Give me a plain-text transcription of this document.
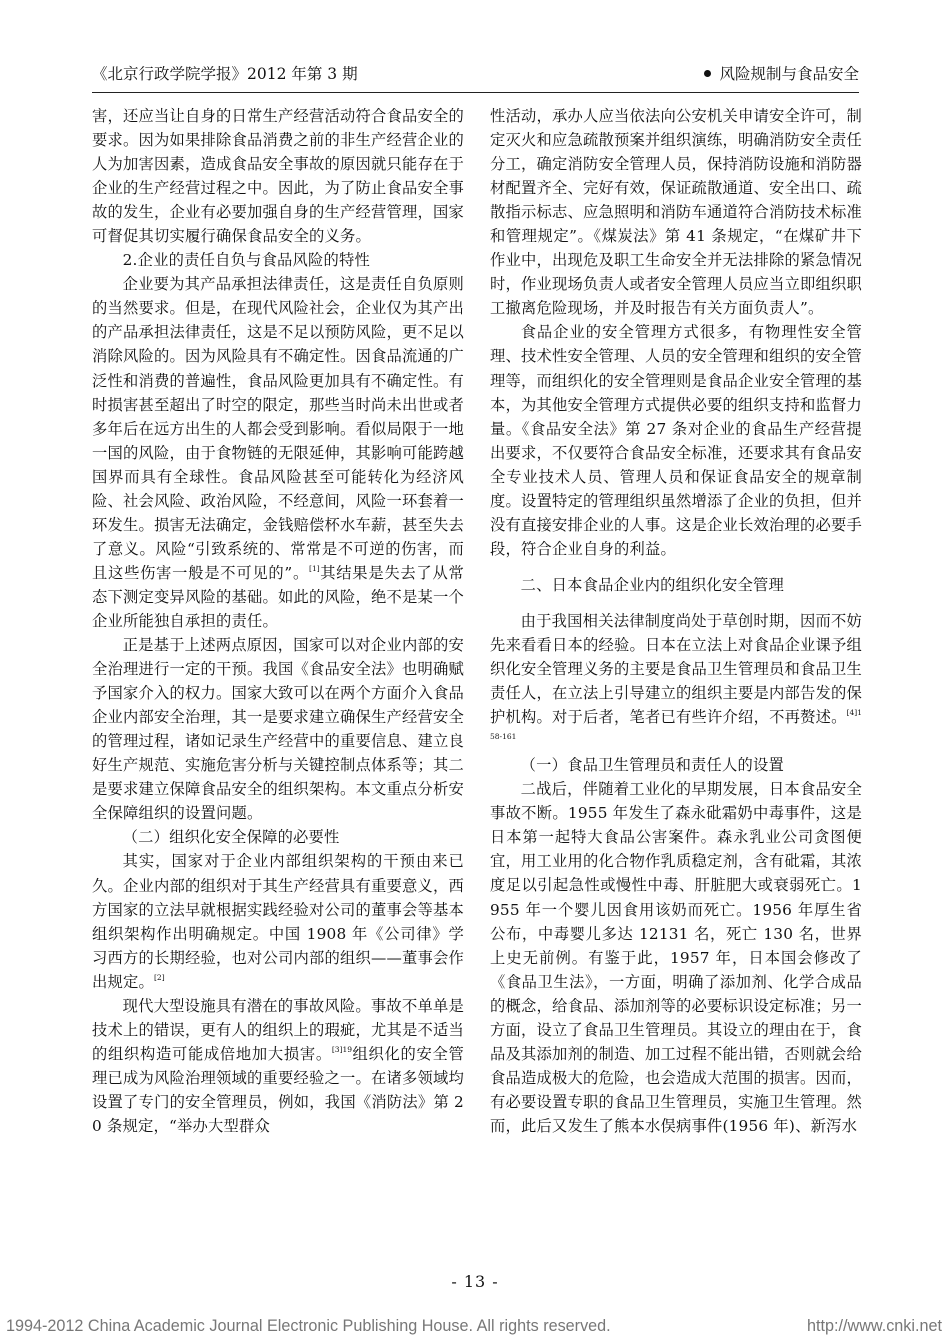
《北京行政学院学报》2012 年第 3 期	风险规制与食品安全

害，还应当让自身的日常生产经营活动符合食品安全的要求。因为如果排除食品消费之前的非生产经营企业的人为加害因素，造成食品安全事故的原因就只能存在于企业的生产经营过程之中。因此，为了防止食品安全事故的发生，企业有必要加强自身的生产经营管理，国家可督促其切实履行确保食品安全的义务。

2.企业的责任自负与食品风险的特性

企业要为其产品承担法律责任，这是责任自负原则的当然要求。但是，在现代风险社会，企业仅为其产出的产品承担法律责任，这是不足以预防风险，更不足以消除风险的。因为风险具有不确定性。因食品流通的广泛性和消费的普遍性，食品风险更加具有不确定性。有时损害甚至超出了时空的限定，那些当时尚未出世或者多年后在远方出生的人都会受到影响。看似局限于一地一国的风险，由于食物链的无限延伸，其影响可能跨越国界而具有全球性。食品风险甚至可能转化为经济风险、社会风险、政治风险，不经意间，风险一环套着一环发生。损害无法确定，金钱赔偿杯水车薪，甚至失去了意义。风险“引致系统的、常常是不可逆的伤害，而且这些伤害一般是不可见的”。[1]其结果是失去了从常态下测定变异风险的基础。如此的风险，绝不是某一个企业所能独自承担的责任。

正是基于上述两点原因，国家可以对企业内部的安全治理进行一定的干预。我国《食品安全法》也明确赋予国家介入的权力。国家大致可以在两个方面介入食品企业内部安全治理，其一是要求建立确保生产经营安全的管理过程，诸如记录生产经营中的重要信息、建立良好生产规范、实施危害分析与关键控制点体系等；其二是要求建立保障食品安全的组织架构。本文重点分析安全保障组织的设置问题。

（二）组织化安全保障的必要性

其实，国家对于企业内部组织架构的干预由来已久。企业内部的组织对于其生产经营具有重要意义，西方国家的立法早就根据实践经验对公司的董事会等基本组织架构作出明确规定。中国 1908 年《公司律》学习西方的长期经验，也对公司内部的组织——董事会作出规定。[2]

现代大型设施具有潜在的事故风险。事故不单单是技术上的错误，更有人的组织上的瑕疵，尤其是不适当的组织构造可能成倍地加大损害。$^{[3]19}$组织化的安全管理已成为风险治理领域的重要经验之一。在诸多领域均设置了专门的安全管理员，例如，我国《消防法》第 20 条规定，“举办大型群众

性活动，承办人应当依法向公安机关申请安全许可，制定灭火和应急疏散预案并组织演练，明确消防安全责任分工，确定消防安全管理人员，保持消防设施和消防器材配置齐全、完好有效，保证疏散通道、安全出口、疏散指示标志、应急照明和消防车通道符合消防技术标准和管理规定”。《煤炭法》第 41 条规定，“在煤矿井下作业中，出现危及职工生命安全并无法排除的紧急情况时，作业现场负责人或者安全管理人员应当立即组织职工撤离危险现场，并及时报告有关方面负责人”。

食品企业的安全管理方式很多，有物理性安全管理、技术性安全管理、人员的安全管理和组织的安全管理等，而组织化的安全管理则是食品企业安全管理的基本，为其他安全管理方式提供必要的组织支持和监督力量。《食品安全法》第 27 条对企业的食品生产经营提出要求，不仅要符合食品安全标准，还要求其有食品安全专业技术人员、管理人员和保证食品安全的规章制度。设置特定的管理组织虽然增添了企业的负担，但并没有直接安排企业的人事。这是企业长效治理的必要手段，符合企业自身的利益。

二、日本食品企业内的组织化安全管理

由于我国相关法律制度尚处于草创时期，因而不妨先来看看日本的经验。日本在立法上对食品企业课予组织化安全管理义务的主要是食品卫生管理员和食品卫生责任人，在立法上引导建立的组织主要是内部告发的保护机构。对于后者，笔者已有些许介绍，不再赘述。$^{[4]158-161}$

（一）食品卫生管理员和责任人的设置

二战后，伴随着工业化的早期发展，日本食品安全事故不断。1955 年发生了森永砒霜奶中毒事件，这是日本第一起特大食品公害案件。森永乳业公司贪图便宜，用工业用的化合物作乳质稳定剂，含有砒霜，其浓度足以引起急性或慢性中毒、肝脏肥大或衰弱死亡。1955 年一个婴儿因食用该奶而死亡。1956 年厚生省公布，中毒婴儿多达 12131 名，死亡 130 名，世界上史无前例。有鉴于此，1957 年，日本国会修改了《食品卫生法》，一方面，明确了添加剂、化学合成品的概念，给食品、添加剂等的必要标识设定标准；另一方面，设立了食品卫生管理员。其设立的理由在于，食品及其添加剂的制造、加工过程不能出错，否则就会给食品造成极大的危险，也会造成大范围的损害。因而，有必要设置专职的食品卫生管理员，实施卫生管理。然而，此后又发生了熊本水俣病事件(1956 年)、新泻水

- 13 -
1994-2012 China Academic Journal Electronic Publishing House. All rights reserved.	http://www.cnki.net
